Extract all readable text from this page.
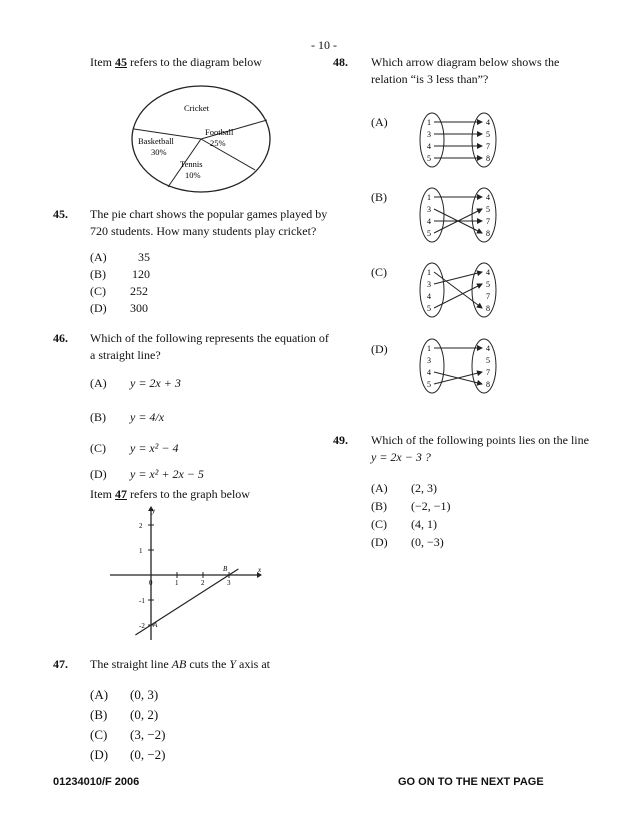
- 10 -
Item 45 refers to the diagram below
Cricket
Football
25%
Basketball
30%
Tennis
10%
45. The pie chart shows the popular games played by 720 students. How many students play cricket?
(A)	35
(B)	120
(C)	252
(D)	300
46. Which of the following represents the equation of a straight line?
(A)	y = 2x + 3
(B)	y = 4/x
(C)	y = x² − 4
(D)	y = x² + 2x − 5
Item 47 refers to the graph below
x
y
0	1	2	3
2
1
-1
-2 A
B
47. The straight line AB cuts the Y axis at
(A)	(0, 3)
(B)	(0, 2)
(C)	(3, −2)
(D)	(0, −2)
48. Which arrow diagram below shows the relation “is 3 less than”?
(A)
(B)
(C)
(D)
1
3
4
5
4
5
7
8
1
3
4
5
4
5
7
8
1
3
4
5
4
5
7
8
1
3
4
5
4
5
7
8
49. Which of the following points lies on the line
y = 2x − 3 ?
(A)	(2, 3)
(B)	(−2, −1)
(C)	(4, 1)
(D)	(0, −3)
01234010/F 2006	GO ON TO THE NEXT PAGE
